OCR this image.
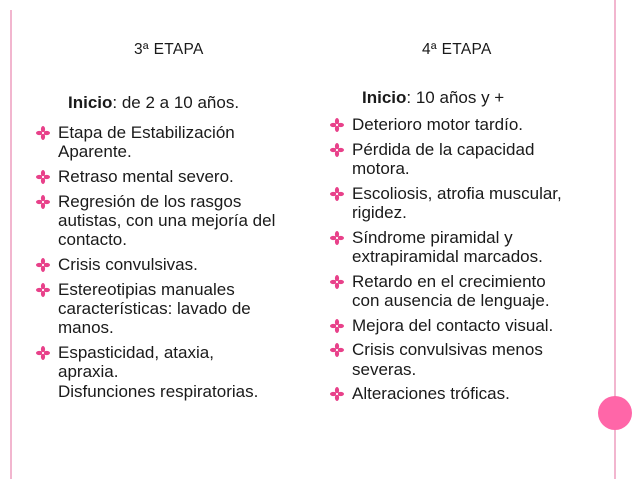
3ª ETAPA	4ª ETAPA
Inicio: de 2 a 10 años.	Inicio: 10 años y +
Etapa de Estabilización
Aparente.
Retraso mental severo.
Regresión de los rasgos
autistas, con una mejoría del
contacto.
Crisis convulsivas.
Estereotipias manuales
características: lavado de
manos.
Espasticidad, ataxia,
apraxia.
Disfunciones respiratorias.
Deterioro motor tardío.
Pérdida de la capacidad
motora.
Escoliosis, atrofia muscular,
rigidez.
Síndrome piramidal y
extrapiramidal marcados.
Retardo en el crecimiento
con ausencia de lenguaje.
Mejora del contacto visual.
Crisis convulsivas menos
severas.
Alteraciones tróficas.
